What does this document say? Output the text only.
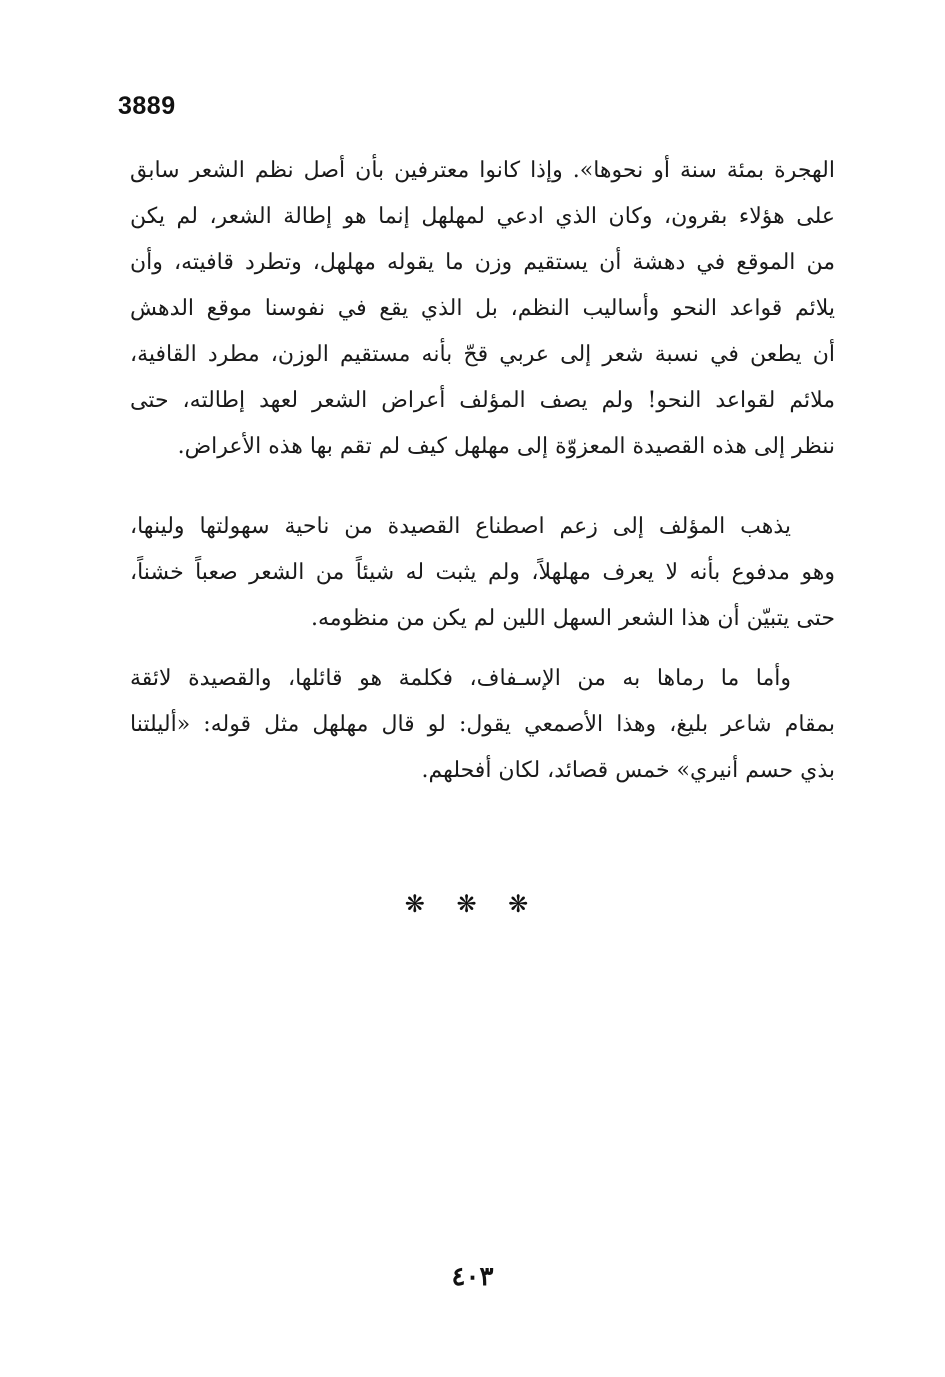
3889
الهجرة بمئة سنة أو نحوها». وإذا كانوا معترفين بأن أصل نظم الشعر سابق
على هؤلاء بقرون، وكان الذي ادعي لمهلهل إنما هو إطالة الشعر، لم يكن
من الموقع في دهشة أن يستقيم وزن ما يقوله مهلهل، وتطرد قافيته، وأن
يلائم قواعد النحو وأساليب النظم، بل الذي يقع في نفوسنا موقع الدهش
أن يطعن في نسبة شعر إلى عربي قحّ بأنه مستقيم الوزن، مطرد القافية،
ملائم لقواعد النحو! ولم يصف المؤلف أعراض الشعر لعهد إطالته، حتى
ننظر إلى هذه القصيدة المعزوّة إلى مهلهل كيف لم تقم بها هذه الأعراض.
يذهب المؤلف إلى زعم اصطناع القصيدة من ناحية سهولتها ولينها،
وهو مدفوع بأنه لا يعرف مهلهلاً، ولم يثبت له شيئاً من الشعر صعباً خشناً،
حتى يتبيّن أن هذا الشعر السهل اللين لم يكن من منظومه.
وأما ما رماها به من الإسـفاف، فكلمة هو قائلها، والقصيدة لائقة
بمقام شاعر بليغ، وهذا الأصمعي يقول: لو قال مهلهل مثل قوله: «أليلتنا
بذي حسم أنيري» خمس قصائد، لكان أفحلهم.
❋ ❋ ❋
٤٠٣
